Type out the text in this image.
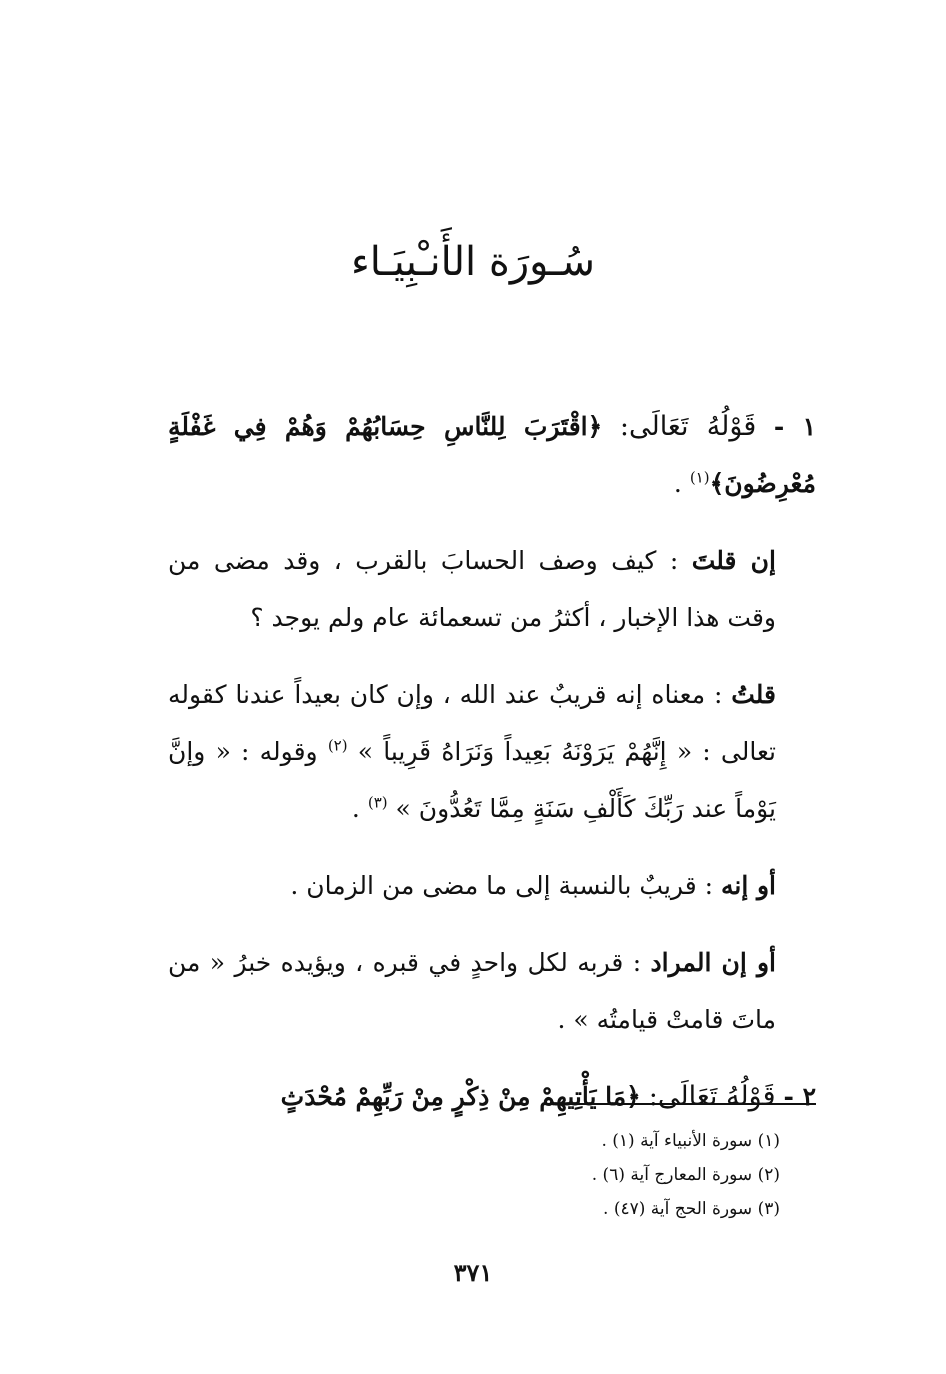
سُـورَة الأَنـْبِيَـاء

١ - قَوْلُهُ تَعَالَى: ﴿اقْتَرَبَ لِلنَّاسِ حِسَابُهُمْ وَهُمْ فِي غَفْلَةٍ مُعْرِضُونَ﴾$^{(١)}$ .

إن قلتَ : كيف وصف الحسابَ بالقرب ، وقد مضى من وقت هذا الإخبار ، أكثرُ من تسعمائة عام ولم يوجد ؟

قلتُ : معناه إنه قريبٌ عند الله ، وإن كان بعيداً عندنا كقوله تعالى : « إِنَّهُمْ يَرَوْنَهُ بَعِيداً وَنَرَاهُ قَرِيباً » $^{(٢)}$ وقوله : « وإنَّ يَوْماً عند رَبِّكَ كَأَلْفِ سَنَةٍ مِمَّا تَعُدُّونَ » $^{(٣)}$ .

أو إنه : قريبٌ بالنسبة إلى ما مضى من الزمان .

أو إن المراد : قربه لكل واحدٍ في قبره ، ويؤيده خبرُ « من ماتَ قامتْ قيامتُه » .

٢ - قَوْلُهُ تَعَالَى: ﴿مَا يَأْتِيهِمْ مِنْ ذِكْرٍ مِنْ رَبِّهِمْ مُحْدَثٍ

(١) سورة الأنبياء آية (١) .
(٢) سورة المعارج آية (٦) .
(٣) سورة الحج آية (٤٧) .
٣٧١
